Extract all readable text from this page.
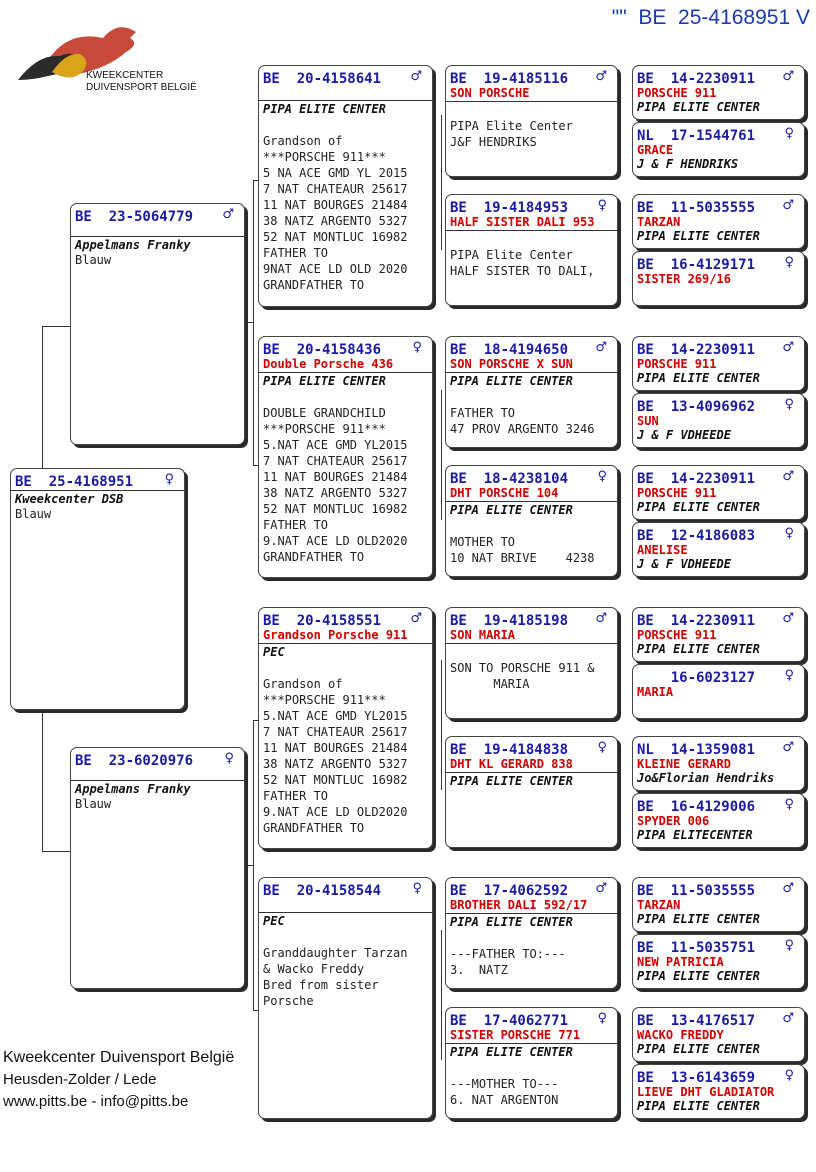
""  BE  25-4168951 V
KWEEKCENTER
DUIVENSPORT BELGIË
BE  25-4168951 ♀
Kweekcenter DSB
Blauw
BE  23-5064779 ♂
Appelmans Franky
Blauw
BE  23-6020976 ♀
Appelmans Franky
Blauw
BE  20-4158641 ♂
PIPA ELITE CENTER
Grandson of
***PORSCHE 911***
5 NA ACE GMD YL 2015
7 NAT CHATEAUR 25617
11 NAT BOURGES 21484
38 NATZ ARGENTO 5327
52 NAT MONTLUC 16982
FATHER TO
9NAT ACE LD OLD 2020
GRANDFATHER TO
BE  20-4158436 ♀
Double Porsche 436
PIPA ELITE CENTER
DOUBLE GRANDCHILD
***PORSCHE 911***
5.NAT ACE GMD YL2015
7 NAT CHATEAUR 25617
11 NAT BOURGES 21484
38 NATZ ARGENTO 5327
52 NAT MONTLUC 16982
FATHER TO
9.NAT ACE LD OLD2020
GRANDFATHER TO
BE  20-4158551 ♂
Grandson Porsche 911
PEC
Grandson of
***PORSCHE 911***
5.NAT ACE GMD YL2015
7 NAT CHATEAUR 25617
11 NAT BOURGES 21484
38 NATZ ARGENTO 5327
52 NAT MONTLUC 16982
FATHER TO
9.NAT ACE LD OLD2020
GRANDFATHER TO
BE  20-4158544 ♀
PEC
Granddaughter Tarzan
& Wacko Freddy
Bred from sister
Porsche
BE  19-4185116 ♂
SON PORSCHE
PIPA Elite Center
J&F HENDRIKS
BE  19-4184953 ♀
HALF SISTER DALI 953
PIPA Elite Center
HALF SISTER TO DALI,
BE  18-4194650 ♂
SON PORSCHE X SUN
PIPA ELITE CENTER
FATHER TO
47 PROV ARGENTO 3246
BE  18-4238104 ♀
DHT PORSCHE 104
PIPA ELITE CENTER
MOTHER TO
10 NAT BRIVE    4238
BE  19-4185198 ♂
SON MARIA
SON TO PORSCHE 911 &
MARIA
BE  19-4184838 ♀
DHT KL GERARD 838
PIPA ELITE CENTER
BE  17-4062592 ♂
BROTHER DALI 592/17
PIPA ELITE CENTER
---FATHER TO:---
3.  NATZ
BE  17-4062771 ♀
SISTER PORSCHE 771
PIPA ELITE CENTER
---MOTHER TO---
6. NAT ARGENTON
BE  14-2230911 ♂
PORSCHE 911
PIPA ELITE CENTER
NL  17-1544761 ♀
GRACE
J & F HENDRIKS
BE  11-5035555 ♂
TARZAN
PIPA ELITE CENTER
BE  16-4129171 ♀
SISTER 269/16
BE  14-2230911 ♂
PORSCHE 911
PIPA ELITE CENTER
BE  13-4096962 ♀
SUN
J & F VDHEEDE
BE  14-2230911 ♂
PORSCHE 911
PIPA ELITE CENTER
BE  12-4186083 ♀
ANELISE
J & F VDHEEDE
BE  14-2230911 ♂
PORSCHE 911
PIPA ELITE CENTER
16-6023127 ♀
MARIA
NL  14-1359081 ♂
KLEINE GERARD
Jo&Florian Hendriks
BE  16-4129006 ♀
SPYDER 006
PIPA ELITECENTER
BE  11-5035555 ♂
TARZAN
PIPA ELITE CENTER
BE  11-5035751 ♀
NEW PATRICIA
PIPA ELITE CENTER
BE  13-4176517 ♂
WACKO FREDDY
PIPA ELITE CENTER
BE  13-6143659 ♀
LIEVE DHT GLADIATOR
PIPA ELITE CENTER
Kweekcenter Duivensport België
Heusden-Zolder / Lede
www.pitts.be - info@pitts.be
